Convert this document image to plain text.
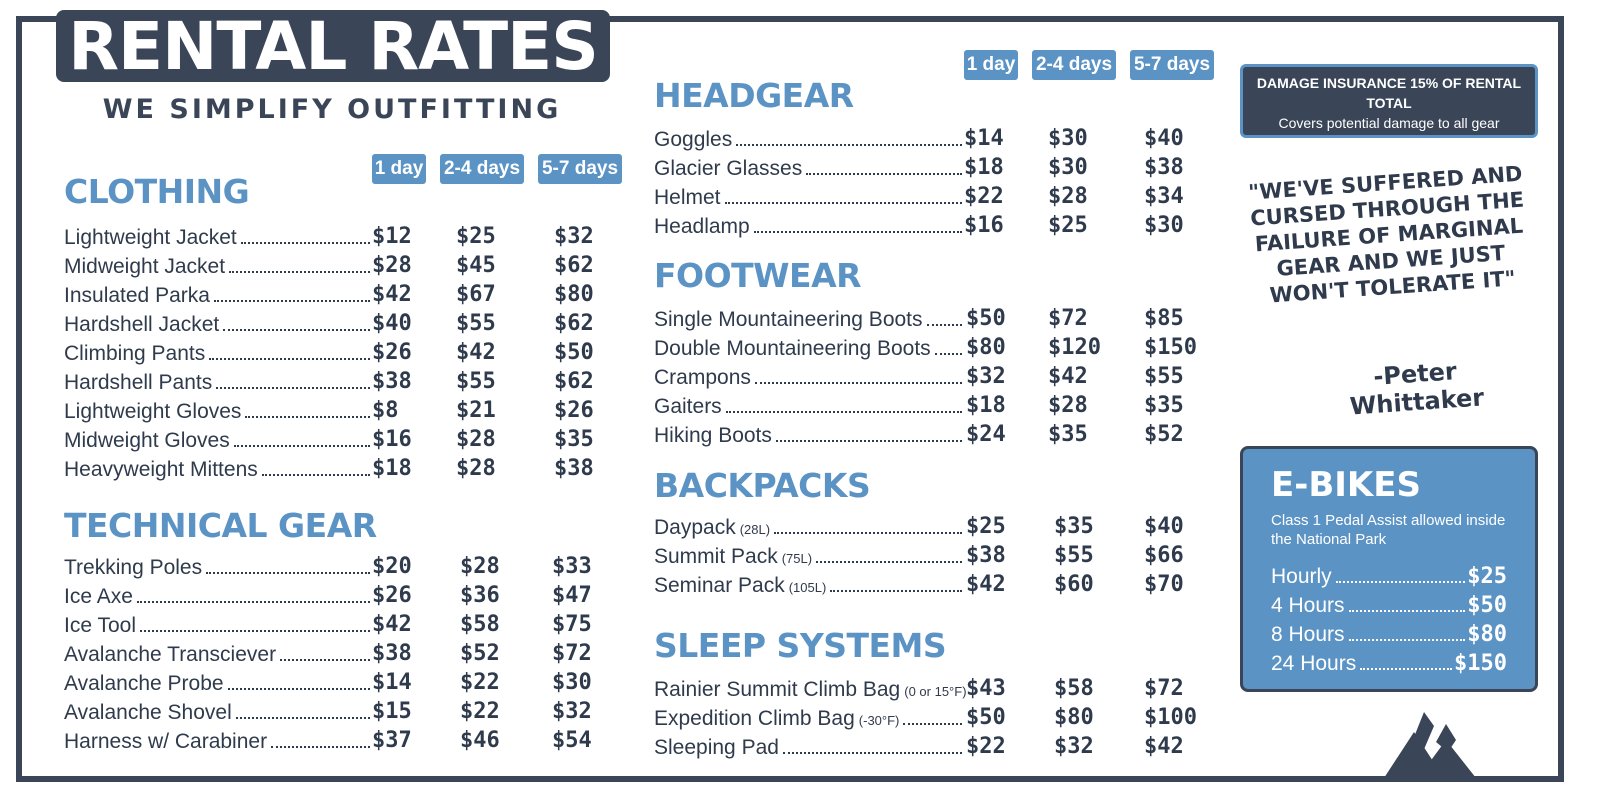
RENTAL RATES
WE SIMPLIFY OUTFITTING
1 day 2-4 days 5-7 days
1 day 2-4 days 5-7 days
CLOTHING
TECHNICAL GEAR
HEADGEAR
FOOTWEAR
BACKPACKS
SLEEP SYSTEMS
Lightweight Jacket	$12 $25	$32
Midweight Jacket	$28 $45	$62
Insulated Parka	$42 $67	$80
Hardshell Jacket	$40 $55	$62
Climbing Pants	$26 $42	$50
Hardshell Pants	$38 $55	$62
Lightweight Gloves	$8	$21	$26
Midweight Gloves	$16 $28	$35
Heavyweight Mittens	$18 $28	$38
Trekking Poles	$20 $28 $33
Ice Axe	$26 $36 $47
Ice Tool	$42 $58 $75
Avalanche Transciever	$38 $52 $72
Avalanche Probe	$14 $22 $30
Avalanche Shovel	$15 $22 $32
Harness w/ Carabiner	$37 $46 $54
Goggles	$14 $30	$40
Glacier Glasses	$18 $30	$38
Helmet	$22 $28	$34
Headlamp	$16 $25	$30
Single Mountaineering Boots $50 $72	$85
Double Mountaineering Boots $80 $120 $150
Crampons	$32 $42	$55
Gaiters	$18 $28	$35
Hiking Boots	$24 $35	$52
Daypack (28L)	$25 $35 $40
Summit Pack (75L)	$38 $55 $66
Seminar Pack (105L)	$42 $60 $70
Rainier Summit Climb Bag (0 or 15°F) $43 $58 $72
Expedition Climb Bag (-30°F)	$50 $80 $100
Sleeping Pad	$22 $32 $42
DAMAGE INSURANCE 15% OF RENTAL TOTAL
Covers potential damage to all gear
for the duration of your rental.
"WE'VE SUFFERED AND CURSED THROUGH THE FAILURE OF MARGINAL GEAR AND WE JUST WON'T TOLERATE IT"
-Peter Whittaker
E-BIKES
Class 1 Pedal Assist allowed inside the National Park
Hourly	$25
4 Hours	$50
8 Hours	$80
24 Hours	$150
